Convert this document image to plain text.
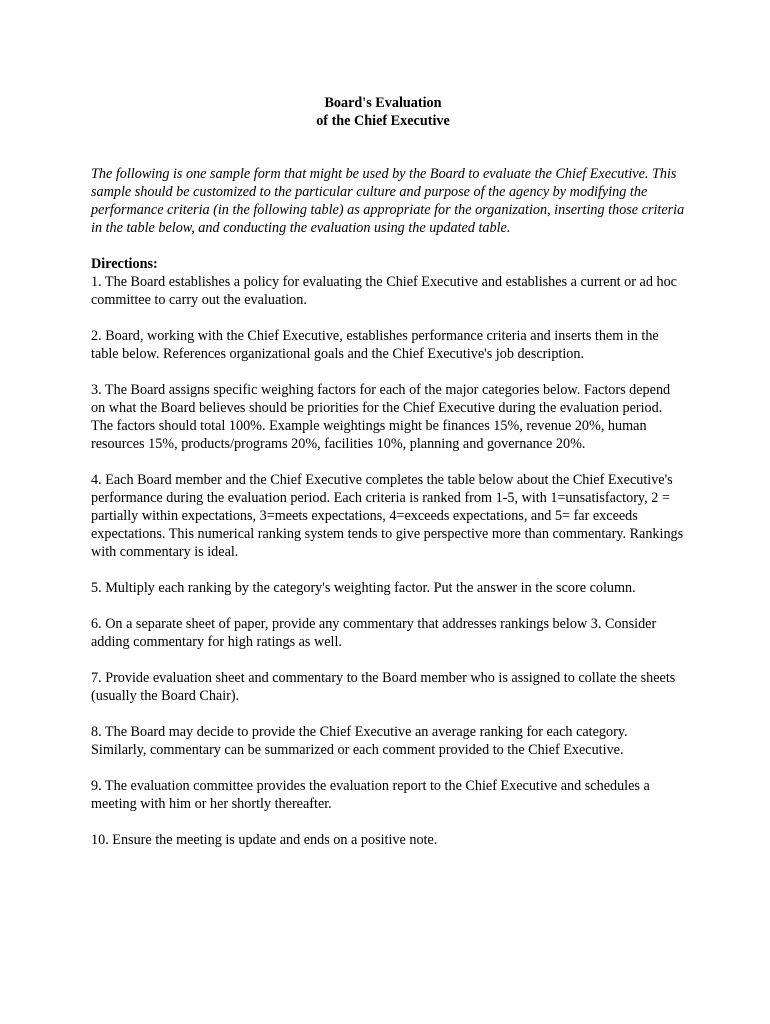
Board's Evaluation
of the Chief Executive

The following is one sample form that might be used by the Board to evaluate the Chief Executive. This sample should be customized to the particular culture and purpose of the agency by modifying the performance criteria (in the following table) as appropriate for the organization, inserting those criteria in the table below, and conducting the evaluation using the updated table.

Directions:

1. The Board establishes a policy for evaluating the Chief Executive and establishes a current or ad hoc committee to carry out the evaluation.

2. Board, working with the Chief Executive, establishes performance criteria and inserts them in the table below. References organizational goals and the Chief Executive's job description.

3. The Board assigns specific weighing factors for each of the major categories below. Factors depend on what the Board believes should be priorities for the Chief Executive during the evaluation period. The factors should total 100%. Example weightings might be finances 15%, revenue 20%, human resources 15%, products/programs 20%, facilities 10%, planning and governance 20%.

4. Each Board member and the Chief Executive completes the table below about the Chief Executive's performance during the evaluation period. Each criteria is ranked from 1-5, with 1=unsatisfactory, 2 = partially within expectations, 3=meets expectations, 4=exceeds expectations, and 5= far exceeds expectations. This numerical ranking system tends to give perspective more than commentary. Rankings with commentary is ideal.

5. Multiply each ranking by the category's weighting factor. Put the answer in the score column.

6. On a separate sheet of paper, provide any commentary that addresses rankings below 3. Consider adding commentary for high ratings as well.

7. Provide evaluation sheet and commentary to the Board member who is assigned to collate the sheets (usually the Board Chair).

8. The Board may decide to provide the Chief Executive an average ranking for each category. Similarly, commentary can be summarized or each comment provided to the Chief Executive.

9. The evaluation committee provides the evaluation report to the Chief Executive and schedules a meeting with him or her shortly thereafter.

10. Ensure the meeting is update and ends on a positive note.
